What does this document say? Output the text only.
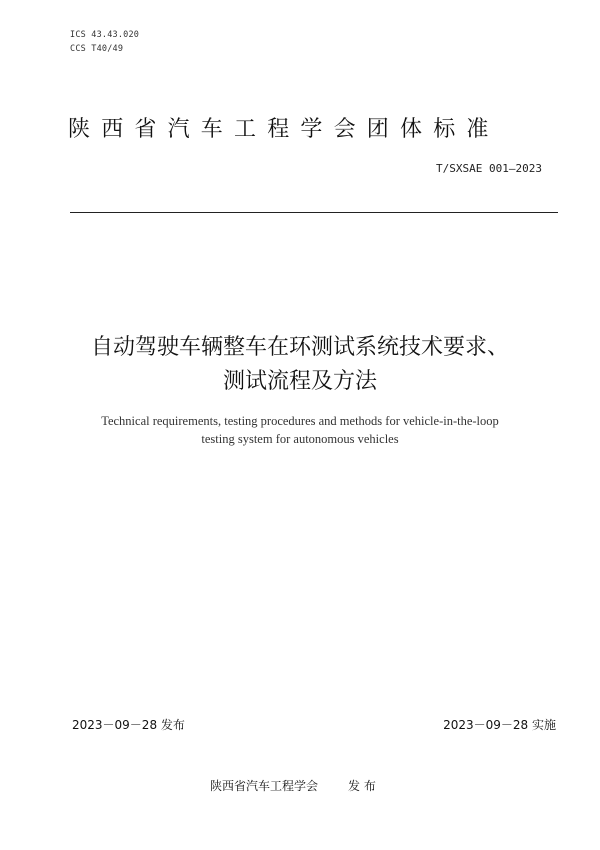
ICS 43.43.020
CCS T40/49
陕西省汽车工程学会团体标准
T/SXSAE 001—2023
自动驾驶车辆整车在环测试系统技术要求、
测试流程及方法
Technical requirements, testing procedures and methods for vehicle-in-the-loop
testing system for autonomous vehicles
2023－09－28 发布	2023－09－28 实施
陕西省汽车工程学会	发 布
